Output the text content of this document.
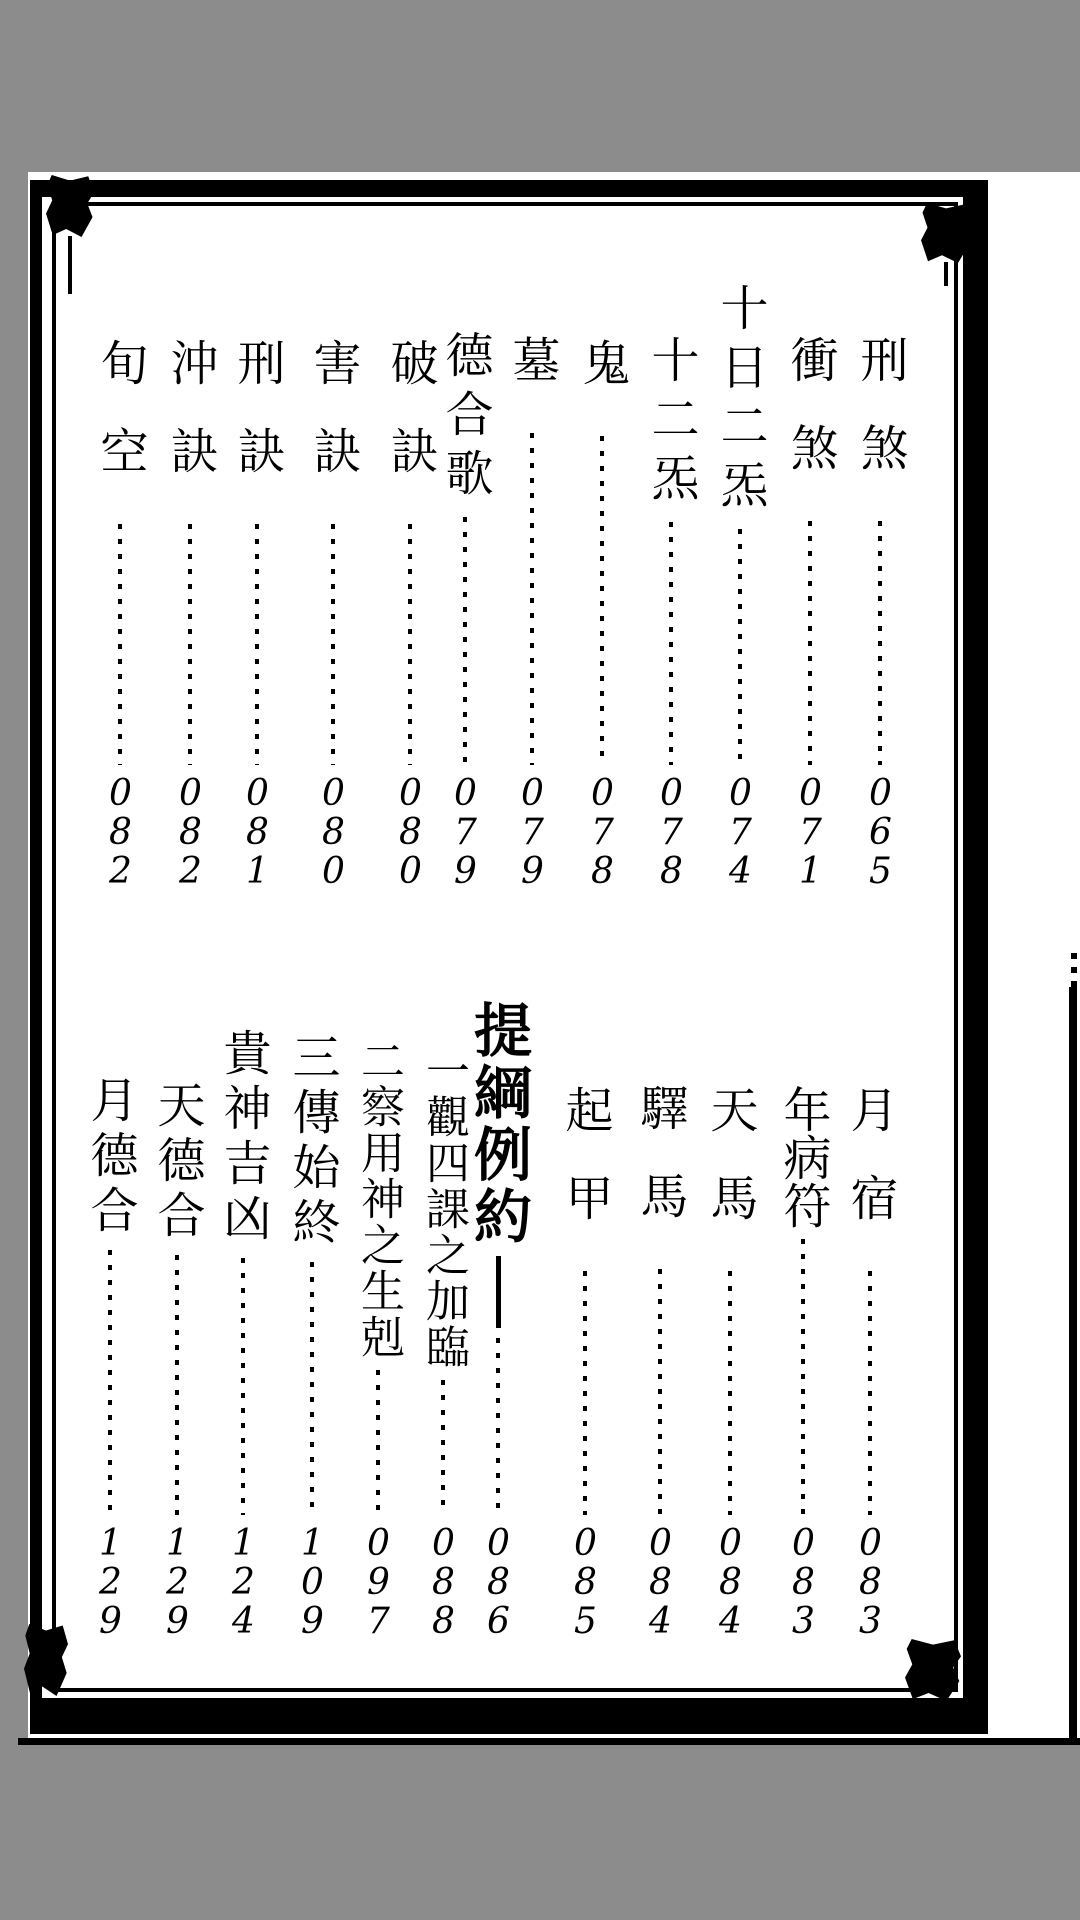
刑煞
065
衝煞
071
十日二炁
074
十二炁
078
鬼
078
墓
079
德合歌
079
破訣
080
害訣
080
刑訣
081
沖訣
082
旬空
082
月宿
083
年病符
083
天馬
084
驛馬
084
起甲
085
提綱例約
086
一觀四課之加臨
088
二察用神之生剋
097
三傳始終
109
貴神吉凶
124
天德合
129
月德合
129
